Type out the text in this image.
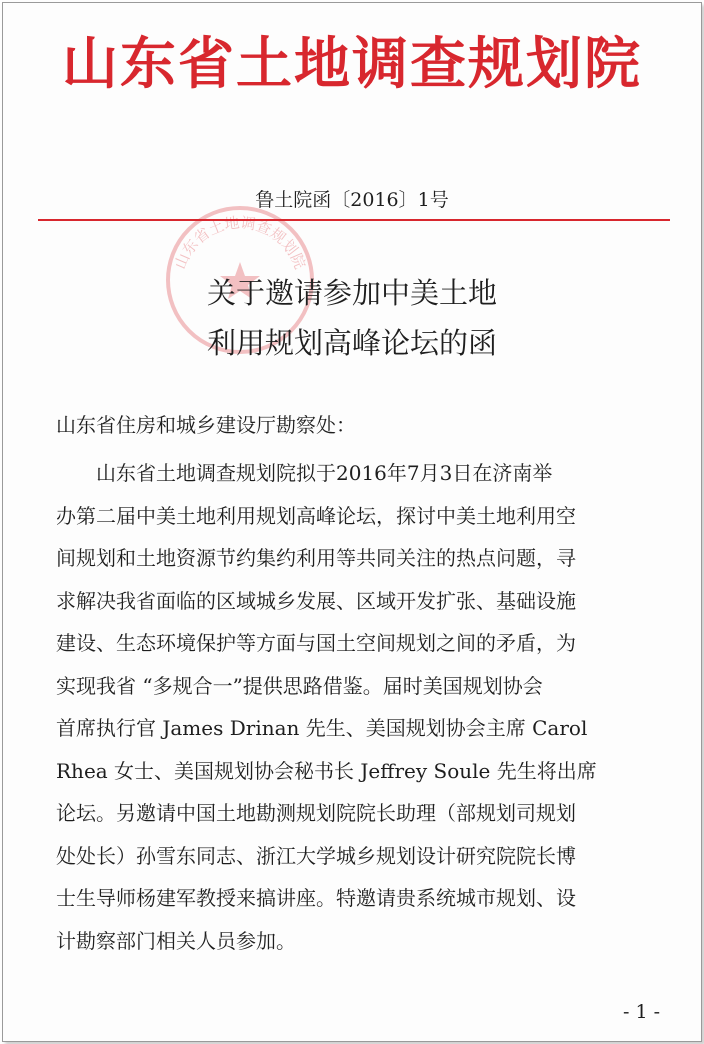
山东省土地调查规划院
鲁土院函〔2016〕1号
山东省土地调查规划院
关于邀请参加中美土地
利用规划高峰论坛的函
山东省住房和城乡建设厅勘察处：
山东省土地调查规划院拟于2016年7月3日在济南举
办第二届中美土地利用规划高峰论坛，探讨中美土地利用空
间规划和土地资源节约集约利用等共同关注的热点问题，寻
求解决我省面临的区域城乡发展、区域开发扩张、基础设施
建设、生态环境保护等方面与国土空间规划之间的矛盾，为
实现我省 “多规合一”提供思路借鉴。届时美国规划协会
首席执行官 James Drinan 先生、美国规划协会主席 Carol
Rhea 女士、美国规划协会秘书长 Jeffrey Soule 先生将出席
论坛。另邀请中国土地勘测规划院院长助理（部规划司规划
处处长）孙雪东同志、浙江大学城乡规划设计研究院院长博
士生导师杨建军教授来搞讲座。特邀请贵系统城市规划、设
计勘察部门相关人员参加。
- 1 -
